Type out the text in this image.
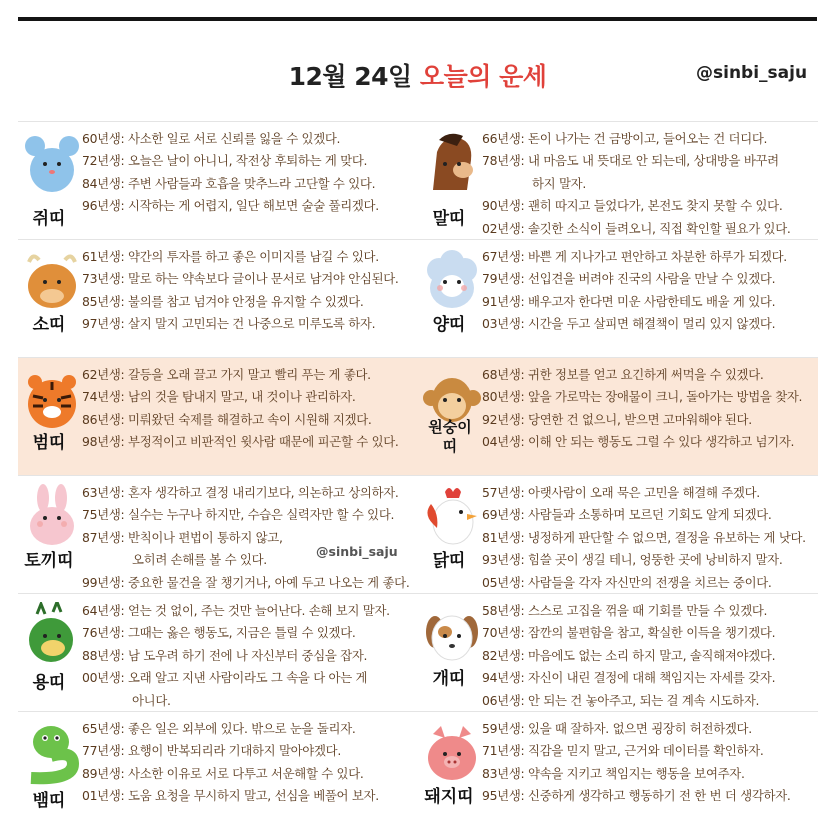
12월 24일 오늘의 운세	@sinbi_saju
쥐띠
60년생: 사소한 일로 서로 신뢰를 잃을 수 있겠다.
72년생: 오늘은 날이 아니니, 작전상 후퇴하는 게 맞다.
84년생: 주변 사람들과 호흡을 맞추느라 고단할 수 있다.
96년생: 시작하는 게 어렵지, 일단 해보면 술술 풀리겠다.
말띠
66년생: 돈이 나가는 건 금방이고, 들어오는 건 더디다.
78년생: 내 마음도 내 뜻대로 안 되는데, 상대방을 바꾸려
하지 말자.
90년생: 괜히 따지고 들었다가, 본전도 찾지 못할 수 있다.
02년생: 솔깃한 소식이 들려오니, 직접 확인할 필요가 있다.
소띠
61년생: 약간의 투자를 하고 좋은 이미지를 남길 수 있다.
73년생: 말로 하는 약속보다 글이나 문서로 남겨야 안심된다.
85년생: 불의를 참고 넘겨야 안정을 유지할 수 있겠다.
97년생: 살지 말지 고민되는 건 나중으로 미루도록 하자.	양띠
67년생: 바쁜 게 지나가고 편안하고 차분한 하루가 되겠다.
79년생: 선입견을 버려야 진국의 사람을 만날 수 있겠다.
91년생: 배우고자 한다면 미운 사람한테도 배울 게 있다.
03년생: 시간을 두고 살피면 해결책이 멀리 있지 않겠다.
범띠
62년생: 갈등을 오래 끌고 가지 말고 빨리 푸는 게 좋다.
74년생: 남의 것을 탐내지 말고, 내 것이나 관리하자.
86년생: 미뤄왔던 숙제를 해결하고 속이 시원해 지겠다.
98년생: 부정적이고 비판적인 윗사람 때문에 피곤할 수 있다.
원숭이띠
68년생: 귀한 정보를 얻고 요긴하게 써먹을 수 있겠다.
80년생: 앞을 가로막는 장애물이 크니, 돌아가는 방법을 찾자.
92년생: 당연한 건 없으니, 받으면 고마워해야 된다.
04년생: 이해 안 되는 행동도 그럴 수 있다 생각하고 넘기자.
토끼띠
63년생: 혼자 생각하고 결정 내리기보다, 의논하고 상의하자.
75년생: 실수는 누구나 하지만, 수습은 실력자만 할 수 있다.
87년생: 반칙이나 편법이 통하지 않고,
오히려 손해를 볼 수 있다.
99년생: 중요한 물건을 잘 챙기거나, 아예 두고 나오는 게 좋다.
닭띠
57년생: 아랫사람이 오래 묵은 고민을 해결해 주겠다.
69년생: 사람들과 소통하며 모르던 기회도 알게 되겠다.
81년생: 냉정하게 판단할 수 없으면, 결정을 유보하는 게 낫다.
93년생: 힘쓸 곳이 생길 테니, 엉뚱한 곳에 낭비하지 말자.
05년생: 사람들을 각자 자신만의 전쟁을 치르는 중이다.
용띠
64년생: 얻는 것 없이, 주는 것만 늘어난다. 손해 보지 말자.
76년생: 그때는 옳은 행동도, 지금은 틀릴 수 있겠다.
88년생: 남 도우려 하기 전에 나 자신부터 중심을 잡자.
00년생: 오래 알고 지낸 사람이라도 그 속을 다 아는 게
아니다.
개띠
58년생: 스스로 고집을 꺾을 때 기회를 만들 수 있겠다.
70년생: 잠깐의 불편함을 참고, 확실한 이득을 챙기겠다.
82년생: 마음에도 없는 소리 하지 말고, 솔직해져야겠다.
94년생: 자신이 내린 결정에 대해 책임지는 자세를 갖자.
06년생: 안 되는 건 놓아주고, 되는 걸 계속 시도하자.
뱀띠
65년생: 좋은 일은 외부에 있다. 밖으로 눈을 돌리자.
77년생: 요행이 반복되리라 기대하지 말아야겠다.
89년생: 사소한 이유로 서로 다투고 서운해할 수 있다.
01년생: 도움 요청을 무시하지 말고, 선심을 베풀어 보자.	돼지띠
59년생: 있을 때 잘하자. 없으면 굉장히 허전하겠다.
71년생: 직감을 믿지 말고, 근거와 데이터를 확인하자.
83년생: 약속을 지키고 책임지는 행동을 보여주자.
95년생: 신중하게 생각하고 행동하기 전 한 번 더 생각하자.
@sinbi_saju
